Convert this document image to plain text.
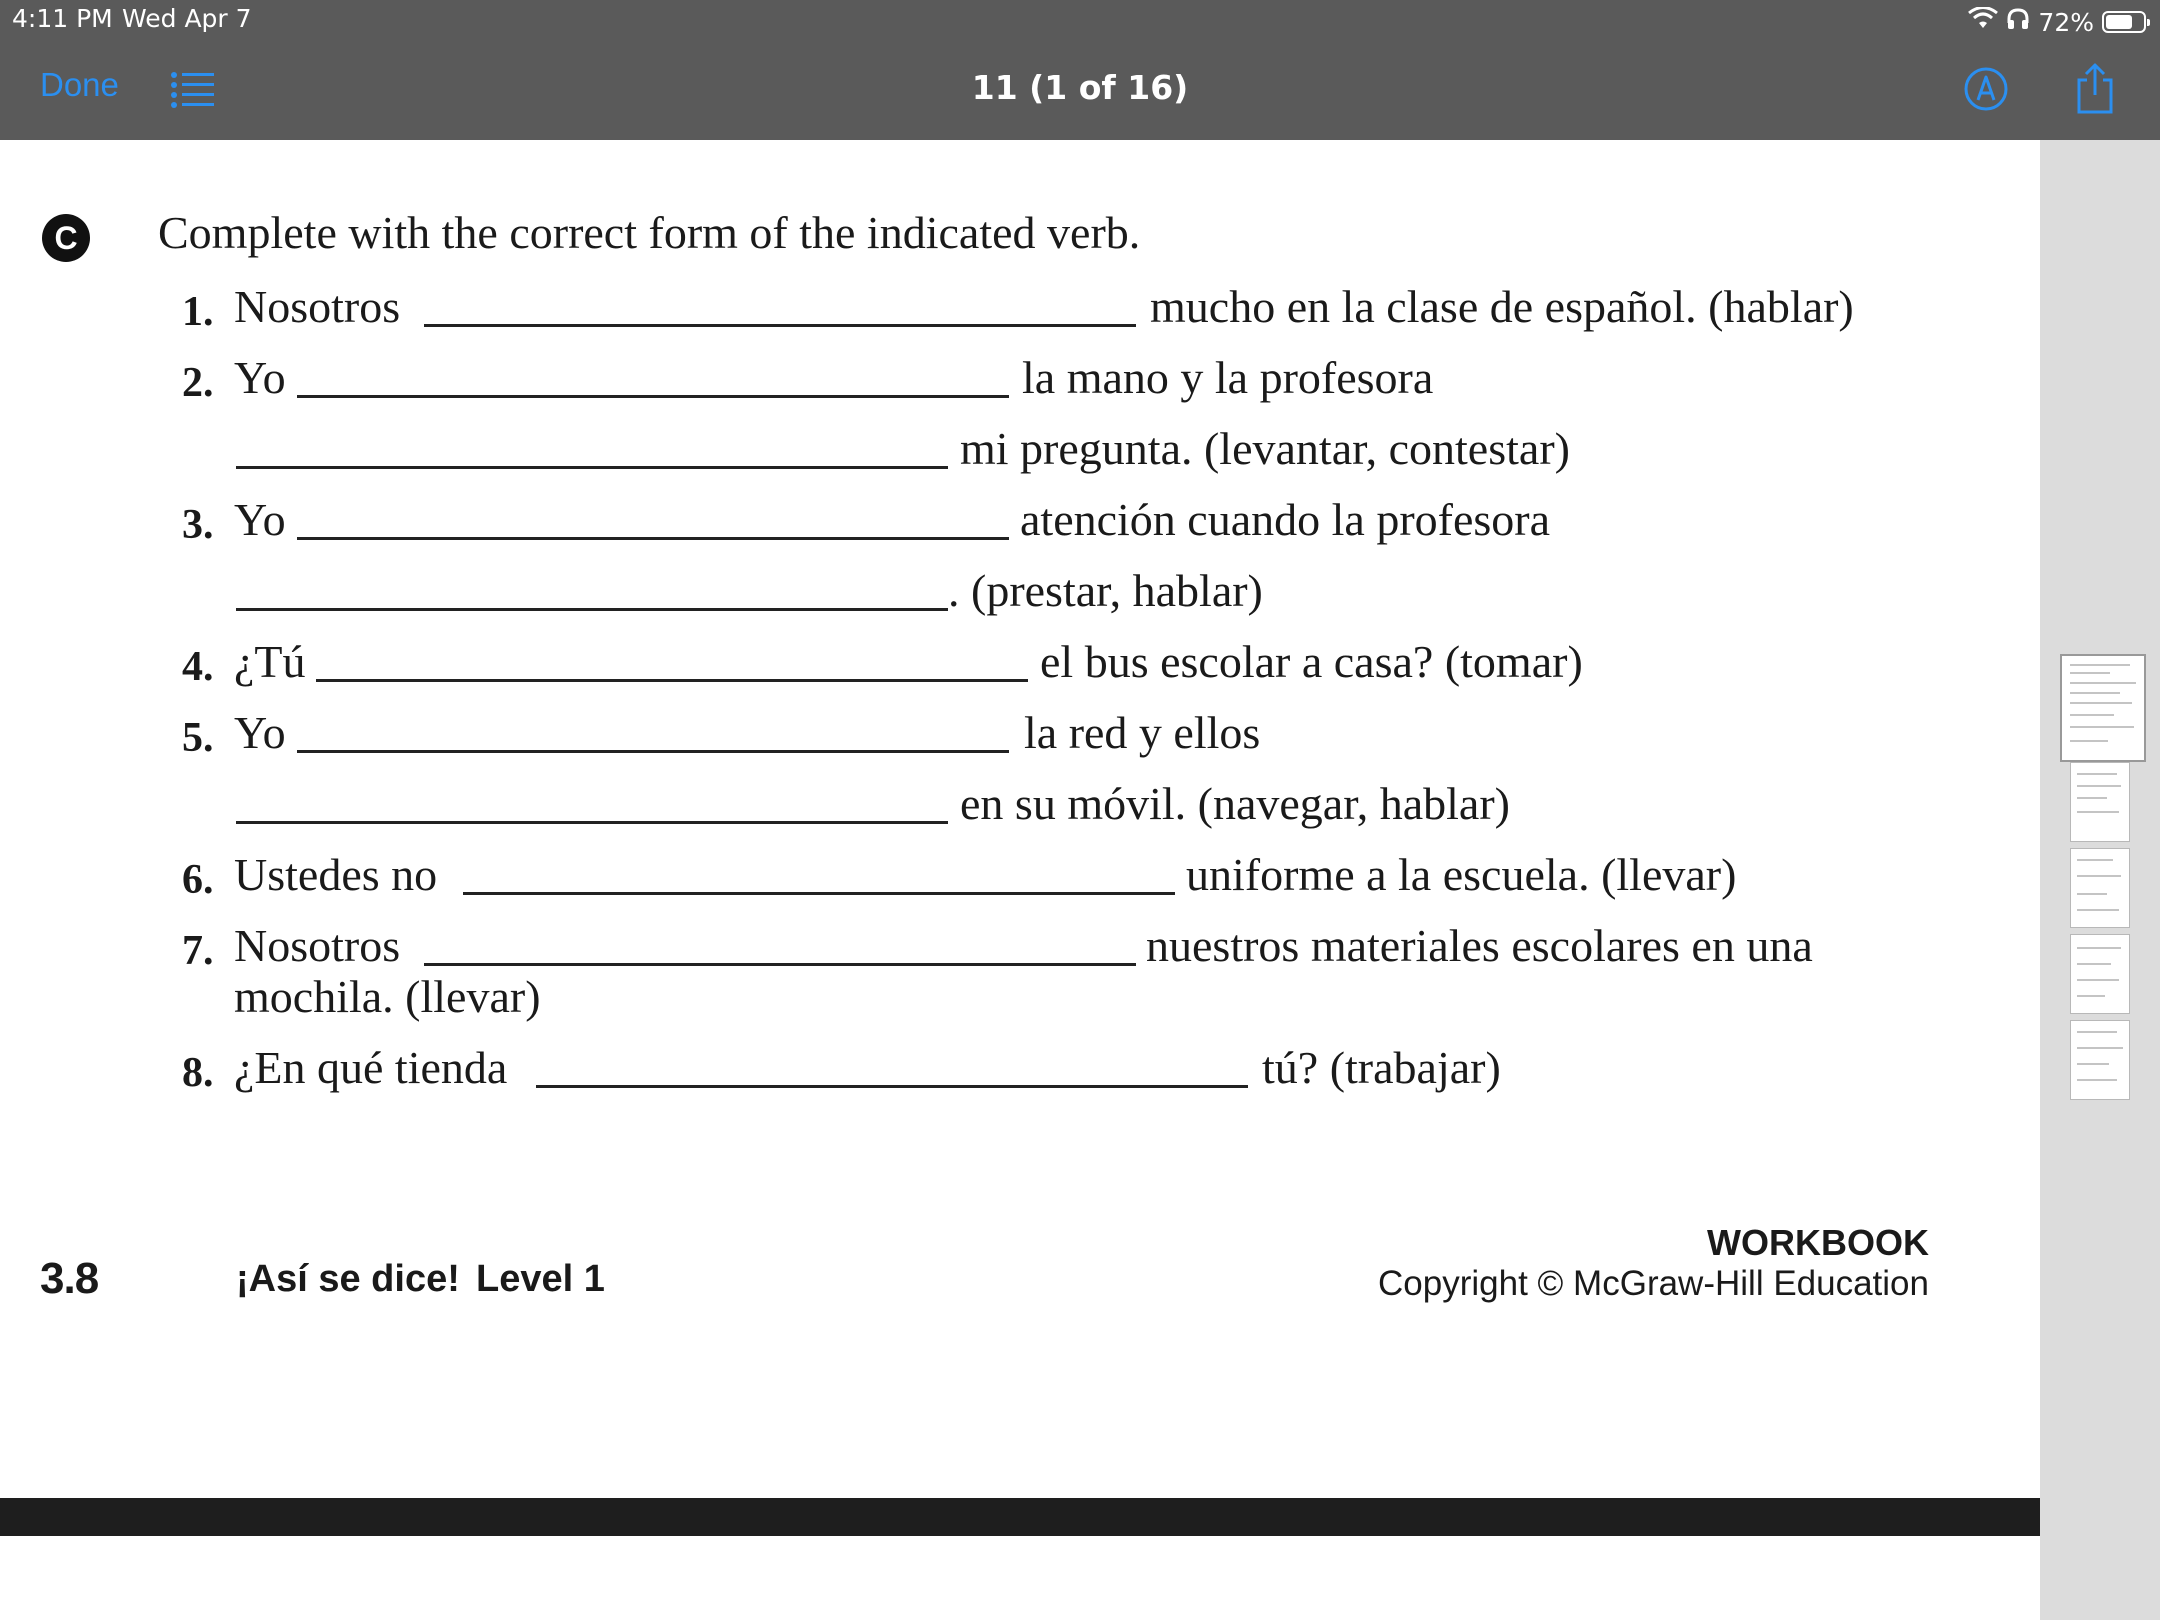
4:11 PM Wed Apr 7	72%
Done	11 (1 of 16)
C Complete with the correct form of the indicated verb.
1. Nosotros	mucho en la clase de español. (hablar)
2. Yo	la mano y la profesora
mi pregunta. (levantar, contestar)
3. Yo	atención cuando la profesora
. (prestar, hablar)
4. ¿Tú	el bus escolar a casa? (tomar)
5. Yo	la red y ellos
en su móvil. (navegar, hablar)
6. Ustedes no	uniforme a la escuela. (llevar)
7. Nosotros	nuestros materiales escolares en una
mochila. (llevar)
8. ¿En qué tienda	tú? (trabajar)
3.8	¡Así se dice! Level 1
WORKBOOK
Copyright © McGraw-Hill Education
